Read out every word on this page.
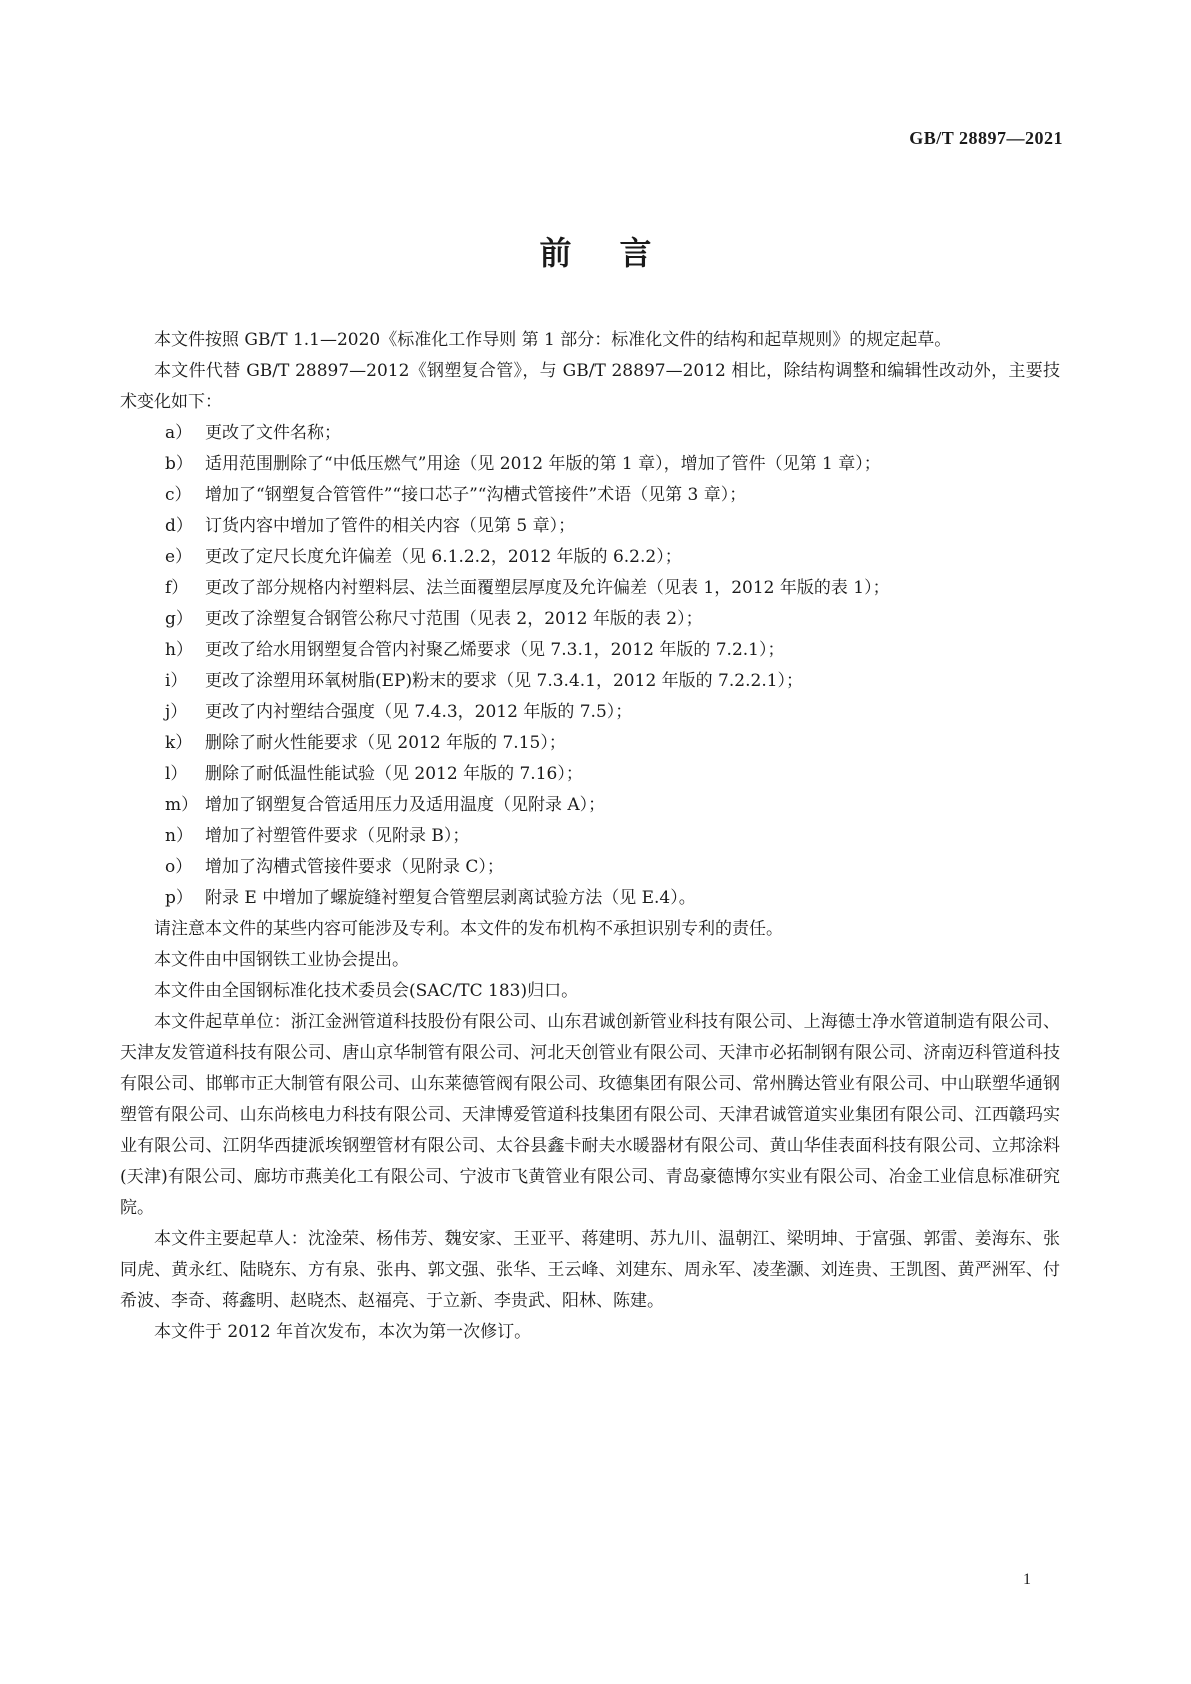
GB/T 28897—2021
前言

本文件按照 GB/T 1.1—2020《标准化工作导则 第 1 部分：标准化文件的结构和起草规则》的规定起草。

本文件代替 GB/T 28897—2012《钢塑复合管》，与 GB/T 28897—2012 相比，除结构调整和编辑性改动外，主要技术变化如下：

a） 更改了文件名称；
b） 适用范围删除了“中低压燃气”用途（见 2012 年版的第 1 章），增加了管件（见第 1 章）；
c） 增加了“钢塑复合管管件”“接口芯子”“沟槽式管接件”术语（见第 3 章）；
d） 订货内容中增加了管件的相关内容（见第 5 章）；
e） 更改了定尺长度允许偏差（见 6.1.2.2，2012 年版的 6.2.2）；
f） 更改了部分规格内衬塑料层、法兰面覆塑层厚度及允许偏差（见表 1，2012 年版的表 1）；
g） 更改了涂塑复合钢管公称尺寸范围（见表 2，2012 年版的表 2）；
h） 更改了给水用钢塑复合管内衬聚乙烯要求（见 7.3.1，2012 年版的 7.2.1）；
i）	更改了涂塑用环氧树脂(EP)粉末的要求（见 7.3.4.1，2012 年版的 7.2.2.1）；
j）	更改了内衬塑结合强度（见 7.4.3，2012 年版的 7.5）；
k） 删除了耐火性能要求（见 2012 年版的 7.15）；
l）	删除了耐低温性能试验（见 2012 年版的 7.16）；
m） 增加了钢塑复合管适用压力及适用温度（见附录 A）；
n） 增加了衬塑管件要求（见附录 B）；
o） 增加了沟槽式管接件要求（见附录 C）；
p） 附录 E 中增加了螺旋缝衬塑复合管塑层剥离试验方法（见 E.4）。

请注意本文件的某些内容可能涉及专利。本文件的发布机构不承担识别专利的责任。

本文件由中国钢铁工业协会提出。

本文件由全国钢标准化技术委员会(SAC/TC 183)归口。

本文件起草单位：浙江金洲管道科技股份有限公司、山东君诚创新管业科技有限公司、上海德士净水管道制造有限公司、天津友发管道科技有限公司、唐山京华制管有限公司、河北天创管业有限公司、天津市必拓制钢有限公司、济南迈科管道科技有限公司、邯郸市正大制管有限公司、山东莱德管阀有限公司、玫德集团有限公司、常州腾达管业有限公司、中山联塑华通钢塑管有限公司、山东尚核电力科技有限公司、天津博爱管道科技集团有限公司、天津君诚管道实业集团有限公司、江西赣玛实业有限公司、江阴华西捷派埃钢塑管材有限公司、太谷县鑫卡耐夫水暖器材有限公司、黄山华佳表面科技有限公司、立邦涂料(天津)有限公司、廊坊市燕美化工有限公司、宁波市飞黄管业有限公司、青岛豪德博尔实业有限公司、冶金工业信息标准研究院。

本文件主要起草人：沈淦荣、杨伟芳、魏安家、王亚平、蒋建明、苏九川、温朝江、梁明坤、于富强、郭雷、姜海东、张同虎、黄永红、陆晓东、方有泉、张冉、郭文强、张华、王云峰、刘建东、周永军、凌垄灏、刘连贵、王凯图、黄严洲军、付希波、李奇、蒋鑫明、赵晓杰、赵福亮、于立新、李贵武、阳林、陈建。

本文件于 2012 年首次发布，本次为第一次修订。

1
